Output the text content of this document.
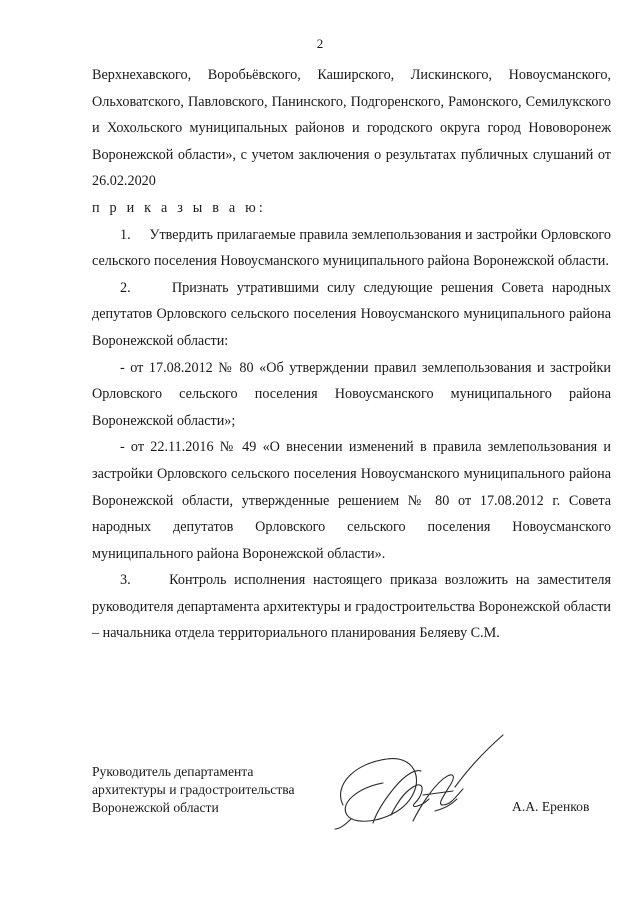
2

Верхнехавского, Воробьёвского, Каширского, Лискинского, Новоусманского, Ольховатского, Павловского, Панинского, Подгоренского, Рамонского, Семилукского и Хохольского муниципальных районов и городского округа город Нововоронеж Воронежской области», с учетом заключения о результатах публичных слушаний от 26.02.2020

п р и к а з ы в а ю:

1.     Утвердить прилагаемые правила землепользования и застройки Орловского сельского поселения Новоусманского муниципального района Воронежской области.

2.     Признать утратившими силу следующие решения Совета народных депутатов Орловского сельского поселения Новоусманского муниципального района Воронежской области:

- от 17.08.2012 № 80 «Об утверждении правил землепользования и застройки Орловского сельского поселения Новоусманского муниципального района Воронежской области»;

- от 22.11.2016 № 49 «О внесении изменений в правила землепользования и застройки Орловского сельского поселения Новоусманского муниципального района Воронежской области, утвержденные решением № 80 от 17.08.2012 г. Совета народных депутатов Орловского сельского поселения Новоусманского муниципального района Воронежской области».

3.     Контроль исполнения настоящего приказа возложить на заместителя руководителя департамента архитектуры и градостроительства Воронежской области – начальника отдела территориального планирования Беляеву С.М.

Руководитель департамента
архитектуры и градостроительства
Воронежской области	А.А. Еренков
